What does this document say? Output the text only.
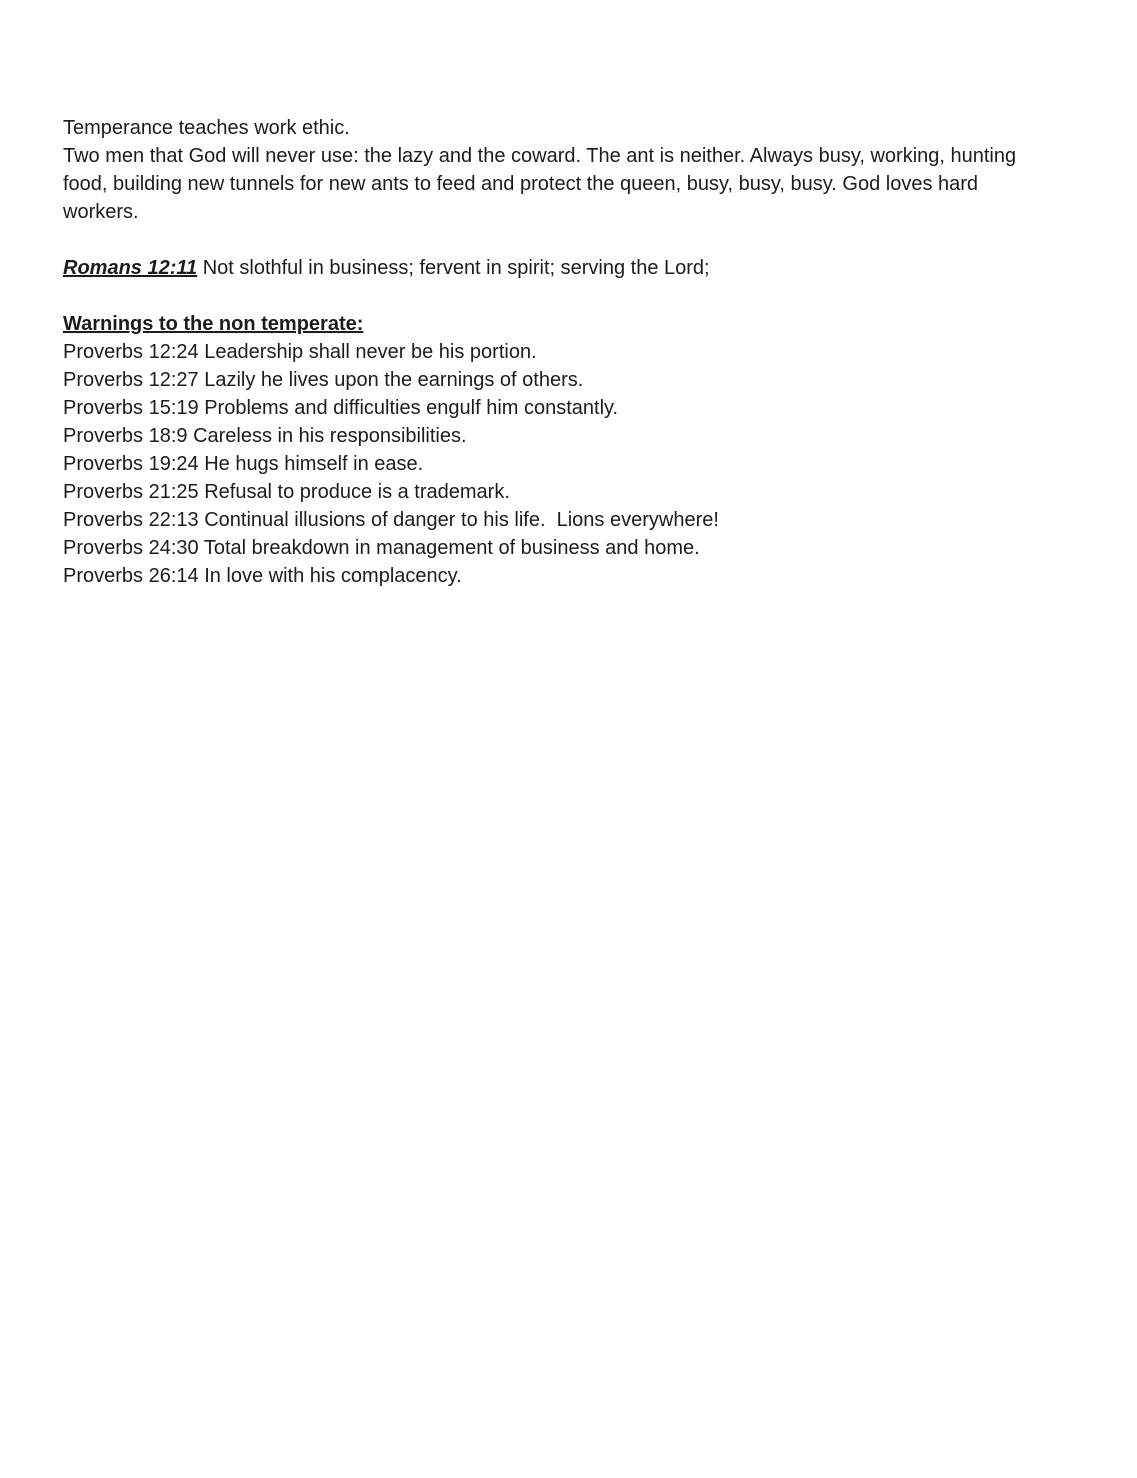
Temperance teaches work ethic.
Two men that God will never use: the lazy and the coward. The ant is neither. Always busy, working, hunting
food, building new tunnels for new ants to feed and protect the queen, busy, busy, busy. God loves hard
workers.
Romans 12:11 Not slothful in business; fervent in spirit; serving the Lord;
Warnings to the non temperate:
Proverbs 12:24 Leadership shall never be his portion.
Proverbs 12:27 Lazily he lives upon the earnings of others.
Proverbs 15:19 Problems and difficulties engulf him constantly.
Proverbs 18:9 Careless in his responsibilities.
Proverbs 19:24 He hugs himself in ease.
Proverbs 21:25 Refusal to produce is a trademark.
Proverbs 22:13 Continual illusions of danger to his life.  Lions everywhere!
Proverbs 24:30 Total breakdown in management of business and home.
Proverbs 26:14 In love with his complacency.
